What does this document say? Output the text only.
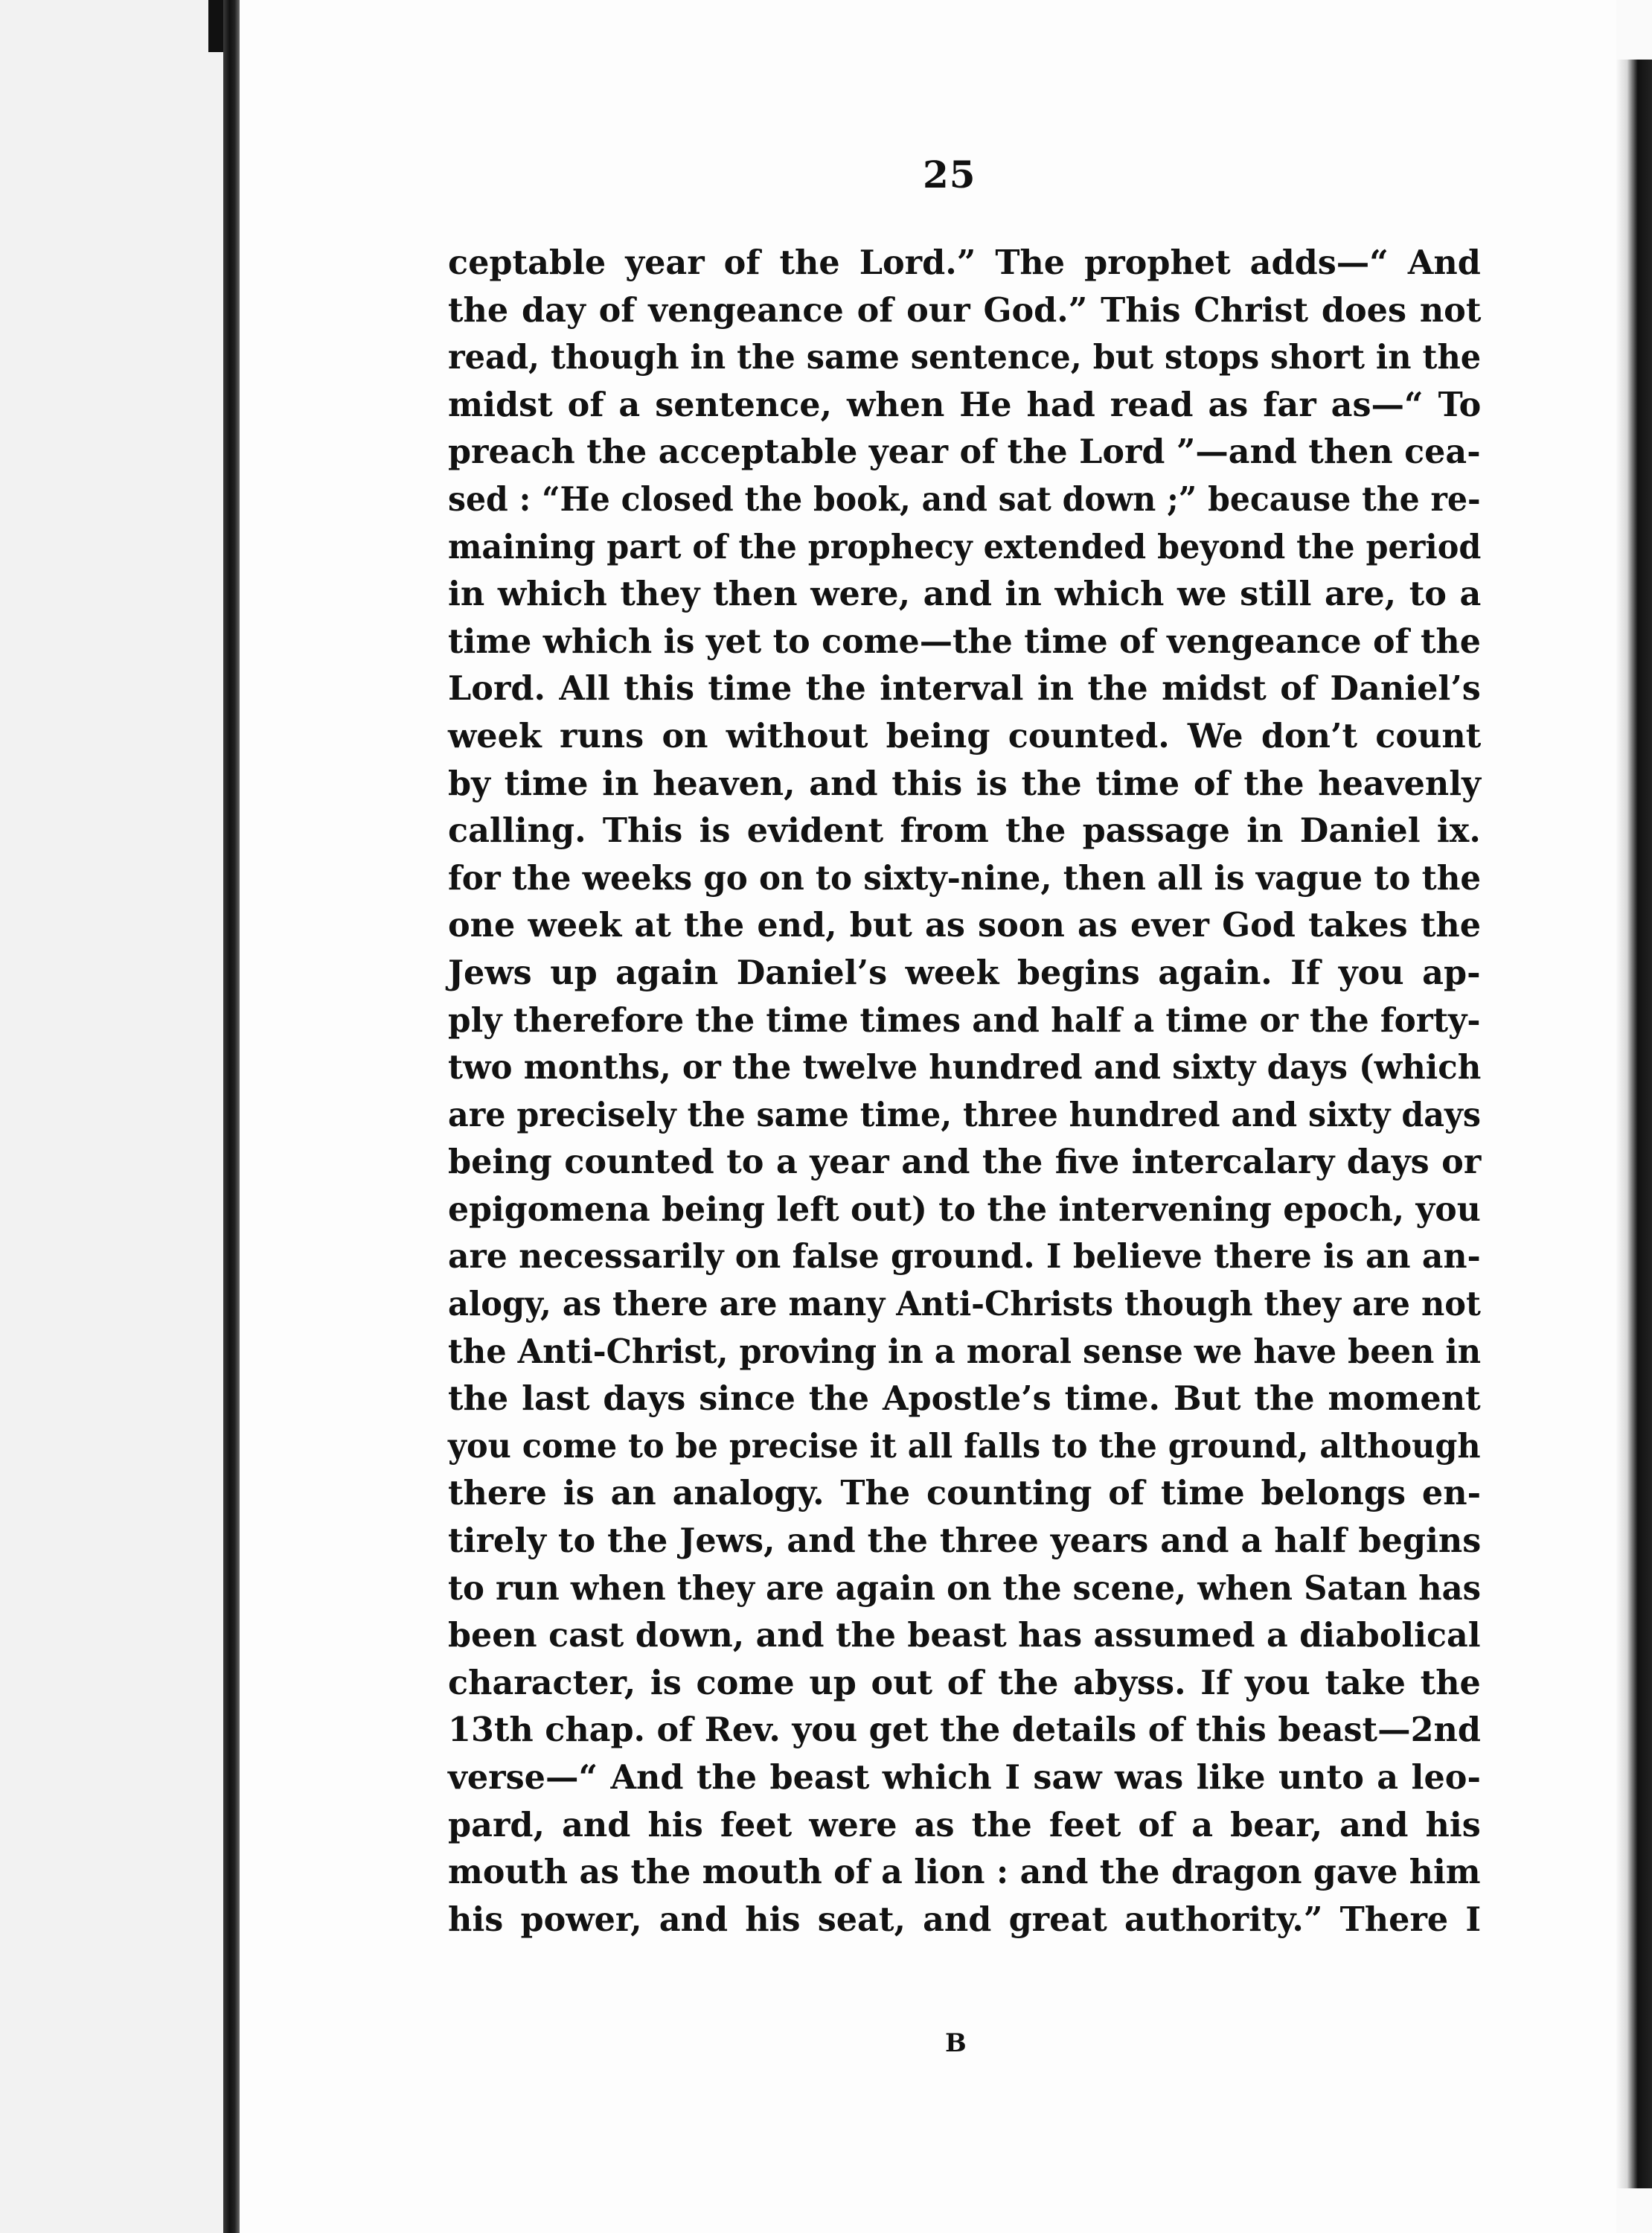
25
ceptable year of the Lord.” The prophet adds—“ And
the day of vengeance of our God.” This Christ does not
read, though in the same sentence, but stops short in the
midst of a sentence, when He had read as far as—“ To
preach the acceptable year of the Lord ”—and then cea-
sed : “He closed the book, and sat down ;” because the re-
maining part of the prophecy extended beyond the period
in which they then were, and in which we still are, to a
time which is yet to come—the time of vengeance of the
Lord. All this time the interval in the midst of Daniel’s
week runs on without being counted. We don’t count
by time in heaven, and this is the time of the heavenly
calling. This is evident from the passage in Daniel ix.
for the weeks go on to sixty-nine, then all is vague to the
one week at the end, but as soon as ever God takes the
Jews up again Daniel’s week begins again. If you ap-
ply therefore the time times and half a time or the forty-
two months, or the twelve hundred and sixty days (which
are precisely the same time, three hundred and sixty days
being counted to a year and the five intercalary days or
epigomena being left out) to the intervening epoch, you
are necessarily on false ground. I believe there is an an-
alogy, as there are many Anti-Christs though they are not
the Anti-Christ, proving in a moral sense we have been in
the last days since the Apostle’s time. But the moment
you come to be precise it all falls to the ground, although
there is an analogy. The counting of time belongs en-
tirely to the Jews, and the three years and a half begins
to run when they are again on the scene, when Satan has
been cast down, and the beast has assumed a diabolical
character, is come up out of the abyss. If you take the
13th chap. of Rev. you get the details of this beast—2nd
verse—“ And the beast which I saw was like unto a leo-
pard, and his feet were as the feet of a bear, and his
mouth as the mouth of a lion : and the dragon gave him
his power, and his seat, and great authority.” There I
B
